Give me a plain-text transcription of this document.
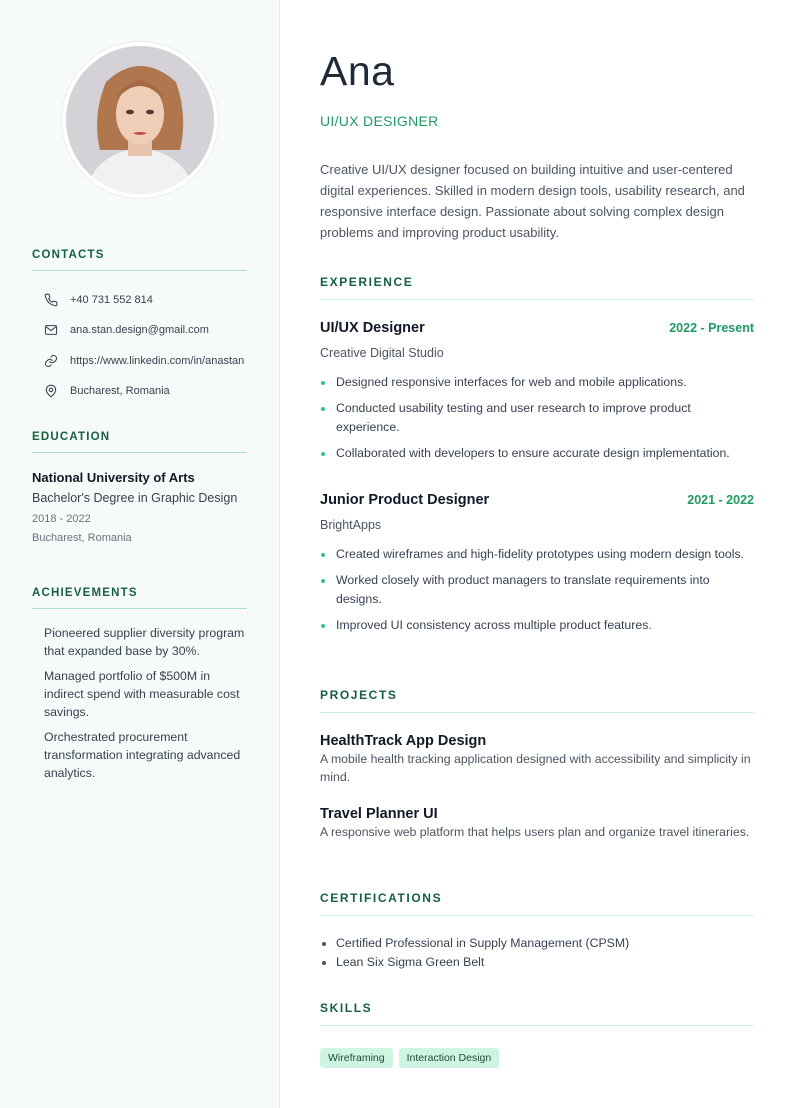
CONTACTS
+40 731 552 814
ana.stan.design@gmail.com
https://www.linkedin.com/in/anastan
Bucharest, Romania
EDUCATION
National University of Arts
Bachelor's Degree in Graphic Design
2018 - 2022
Bucharest, Romania
ACHIEVEMENTS
Pioneered supplier diversity program that expanded base by 30%.
Managed portfolio of $500M in indirect spend with measurable cost savings.
Orchestrated procurement transformation integrating advanced analytics.
Ana
UI/UX DESIGNER

Creative UI/UX designer focused on building intuitive and user-centered digital experiences. Skilled in modern design tools, usability research, and responsive interface design. Passionate about solving complex design problems and improving product usability.

EXPERIENCE
UI/UX Designer	2022 - Present
Creative Digital Studio
Designed responsive interfaces for web and mobile applications.
Conducted usability testing and user research to improve product experience.
Collaborated with developers to ensure accurate design implementation.
Junior Product Designer	2021 - 2022
BrightApps
Created wireframes and high-fidelity prototypes using modern design tools.
Worked closely with product managers to translate requirements into designs.
Improved UI consistency across multiple product features.
PROJECTS
HealthTrack App Design
A mobile health tracking application designed with accessibility and simplicity in mind.
Travel Planner UI
A responsive web platform that helps users plan and organize travel itineraries.
CERTIFICATIONS
Certified Professional in Supply Management (CPSM)
Lean Six Sigma Green Belt
SKILLS
Wireframing	Interaction Design
